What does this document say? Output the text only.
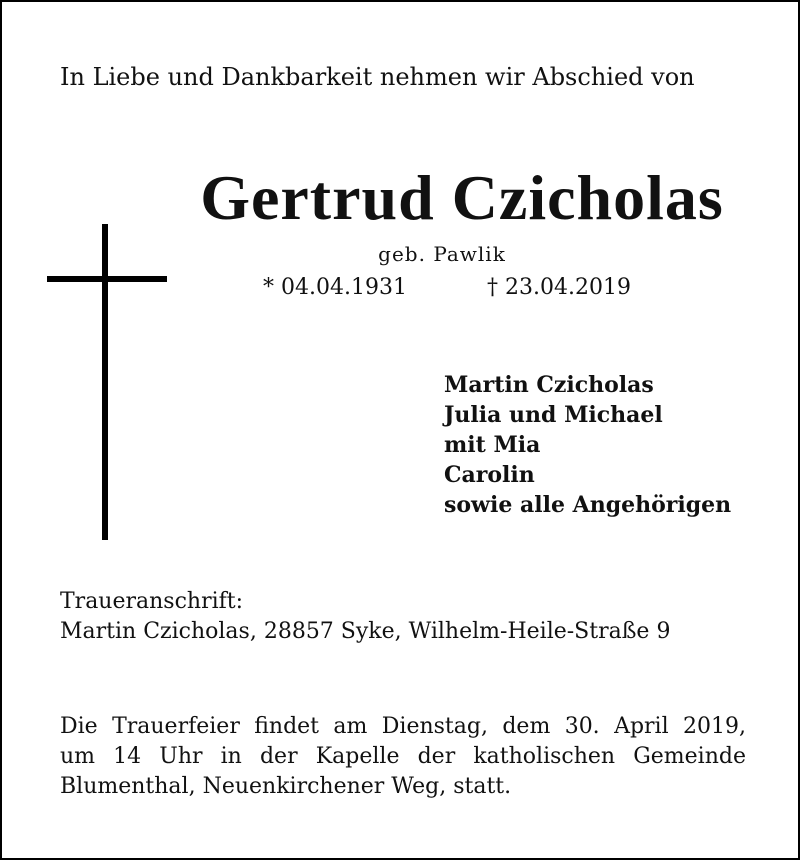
In Liebe und Dankbarkeit nehmen wir Abschied von
Gertrud Czicholas
geb. Pawlik
* 04.04.1931	† 23.04.2019
Martin Czicholas
Julia und Michael
mit Mia
Carolin
sowie alle Angehörigen
Traueranschrift:
Martin Czicholas, 28857 Syke, Wilhelm-Heile-Straße 9
Die Trauerfeier findet am Dienstag, dem 30. April 2019,
um 14 Uhr in der Kapelle der katholischen Gemeinde
Blumenthal, Neuenkirchener Weg, statt.
